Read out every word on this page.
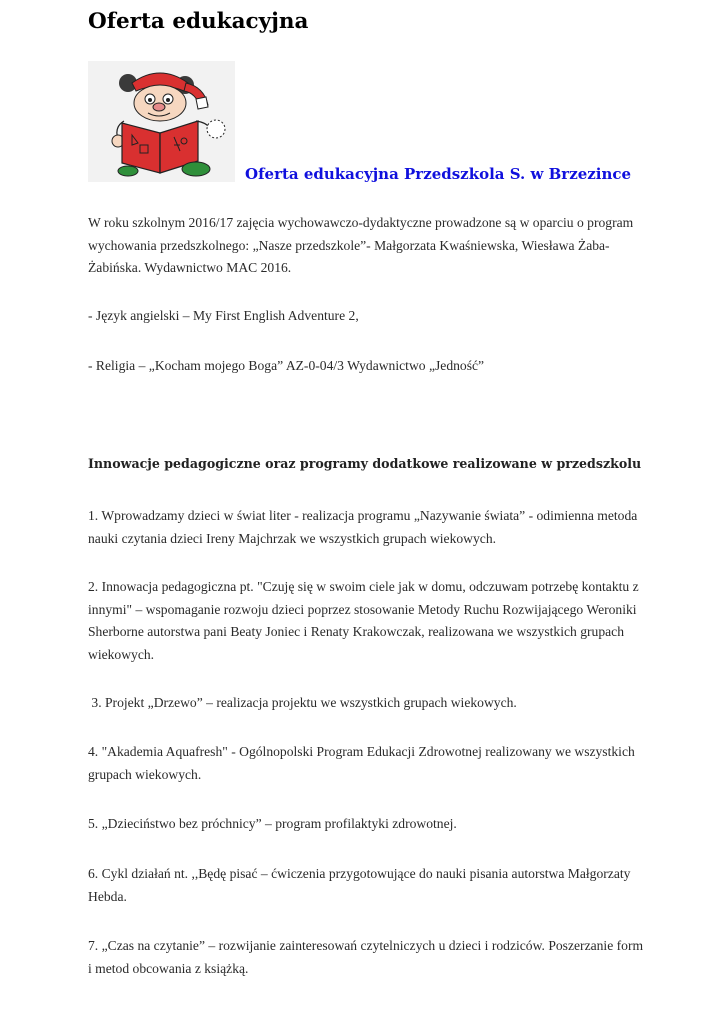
Oferta edukacyjna
Oferta edukacyjna Przedszkola S. w Brzezince

W roku szkolnym 2016/17 zajęcia wychowawczo-dydaktyczne prowadzone są w oparciu o program wychowania przedszkolnego: „Nasze przedszkole”- Małgorzata Kwaśniewska, Wiesława Żaba-Żabińska. Wydawnictwo MAC 2016.

- Język angielski – My First English Adventure 2,

- Religia – „Kocham mojego Boga” AZ-0-04/3 Wydawnictwo „Jedność”

Innowacje pedagogiczne oraz programy dodatkowe realizowane w przedszkolu

1. Wprowadzamy dzieci w świat liter - realizacja programu „Nazywanie świata” - odimienna metoda nauki czytania dzieci Ireny Majchrzak we wszystkich grupach wiekowych.

2. Innowacja pedagogiczna pt. "Czuję się w swoim ciele jak w domu, odczuwam potrzebę kontaktu z innymi" – wspomaganie rozwoju dzieci poprzez stosowanie Metody Ruchu Rozwijającego Weroniki Sherborne autorstwa pani Beaty Joniec i Renaty Krakowczak, realizowana we wszystkich grupach wiekowych.

3. Projekt „Drzewo” – realizacja projektu we wszystkich grupach wiekowych.

4. "Akademia Aquafresh" - Ogólnopolski Program Edukacji Zdrowotnej realizowany we wszystkich grupach wiekowych.

5. „Dzieciństwo bez próchnicy” – program profilaktyki zdrowotnej.

6. Cykl działań nt. ,,Będę pisać – ćwiczenia przygotowujące do nauki pisania autorstwa Małgorzaty Hebda.

7. „Czas na czytanie” – rozwijanie zainteresowań czytelniczych u dzieci i rodziców. Poszerzanie form i metod obcowania z książką.
